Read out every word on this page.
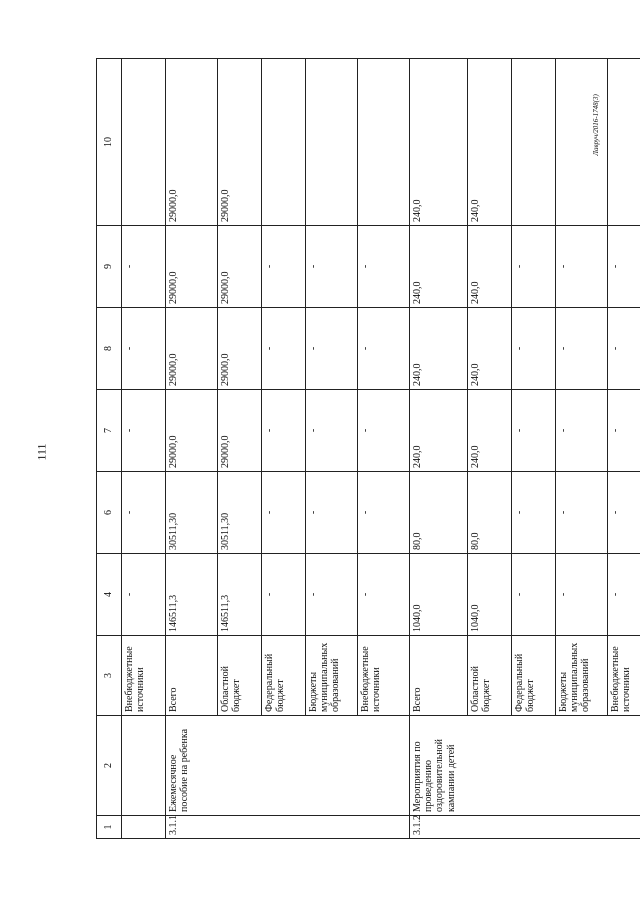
111
Лавруч/2016-1748(3)
1	2	3	4	6	7	8	9	10
		Внебюджетные источники	-	-	-	-	-	
3.1.1	Ежемесячное пособие на ребенка	Всего	146511,3	30511,30	29000,0	29000,0	29000,0	29000,0
		Областной бюджет	146511,3	30511,30	29000,0	29000,0	29000,0	29000,0
		Федеральный бюджет	-	-	-	-	-	
		Бюджеты муниципальных образований	-	-	-	-	-	
		Внебюджетные источники	-	-	-	-	-	
3.1.2	Мероприятия по проведению оздоровительной кампании детей	Всего	1040,0	80,0	240,0	240,0	240,0	240,0
		Областной бюджет	1040,0	80,0	240,0	240,0	240,0	240,0
		Федеральный бюджет	-	-	-	-	-	
		Бюджеты муниципальных образований	-	-	-	-	-	
		Внебюджетные источники	-	-	-	-	-	
